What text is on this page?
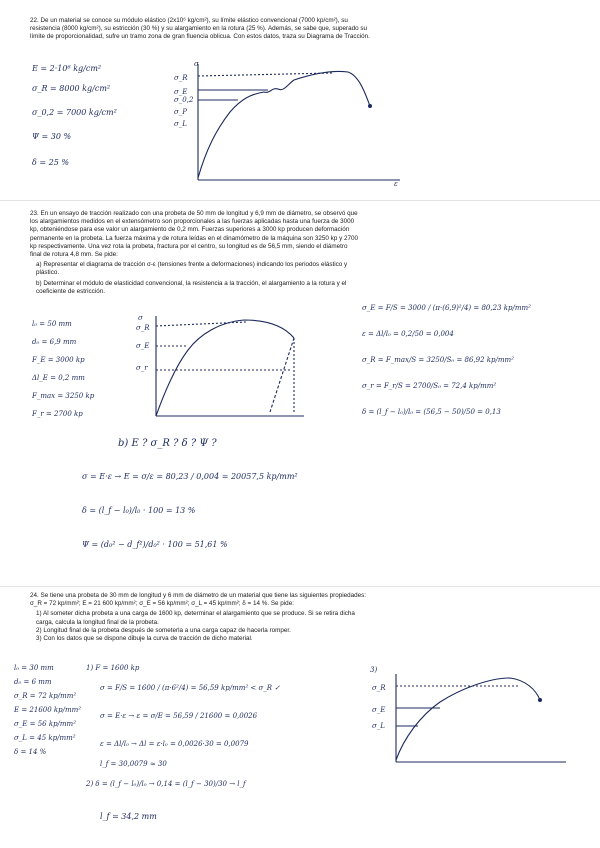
22. De un material se conoce su módulo elástico (2x10⁶ kg/cm²), su límite elástico convencional (7000 kp/cm²), su resistencia (8000 kg/cm²), su estricción (30 %) y su alargamiento en la rotura (25 %). Además, se sabe que, superado su límite de proporcionalidad, sufre un tramo zona de gran fluencia oblicua. Con estos datos, traza su Diagrama de Tracción.

E = 2·10⁶ kg/cm²
σ_R = 8000 kg/cm²
σ_0,2 = 7000 kg/cm²
Ψ = 30 %
δ = 25 %
σ
ε
σ_R
σ_E
σ_0,2
σ_P
σ_L

23. En un ensayo de tracción realizado con una probeta de 50 mm de longitud y 6,9 mm de diámetro, se observó que los alargamientos medidos en el extensómetro son proporcionales a las fuerzas aplicadas hasta una fuerza de 3000 kp, obteniéndose para ese valor un alargamiento de 0,2 mm. Fuerzas superiores a 3000 kp producen deformación permanente en la probeta. La fuerza máxima y de rotura leídas en el dinamómetro de la máquina son 3250 kp y 2700 kp respectivamente. Una vez rota la probeta, fractura por el centro, su longitud es de 56,5 mm, siendo el diámetro final de rotura 4,8 mm. Se pide:

a) Representar el diagrama de tracción σ-ε (tensiones frente a deformaciones) indicando los periodos elástico y plástico.

b) Determinar el módulo de elasticidad convencional, la resistencia a la tracción, el alargamiento a la rotura y el coeficiente de estricción.

l₀ = 50 mm
d₀ = 6,9 mm
F_E = 3000 kp
Δl_E = 0,2 mm
F_max = 3250 kp
F_r = 2700 kp
σ
σ_R
σ_E
σ_r
σ_E = F/S = 3000 / (π·(6,9)²/4) = 80,23 kp/mm²
ε = Δl/l₀ = 0,2/50 = 0,004
σ_R = F_max/S = 3250/S₀ = 86,92 kp/mm²
σ_r = F_r/S = 2700/S₀ = 72,4 kp/mm²
δ = (l_f − l₀)/l₀ = (56,5 − 50)/50 = 0,13
b) E ? σ_R ? δ ? Ψ ?
σ = E·ε → E = σ/ε = 80,23 / 0,004 = 20057,5 kp/mm²
δ = (l_f − l₀)/l₀ · 100 = 13 %
Ψ = (d₀² − d_f²)/d₀² · 100 = 51,61 %

24. Se tiene una probeta de 30 mm de longitud y 6 mm de diámetro de un material que tiene las siguientes propiedades: σ_R = 72 kp/mm²; E = 21 600 kp/mm²; σ_E = 56 kp/mm²; σ_L = 45 kp/mm²; δ = 14 %. Se pide:

1) Al someter dicha probeta a una carga de 1600 kp, determinar el alargamiento que se produce. Si se retira dicha carga, calcula la longitud final de la probeta.

2) Longitud final de la probeta después de someterla a una carga capaz de hacerla romper.

3) Con los datos que se dispone dibuje la curva de tracción de dicho material.

l₀ = 30 mm
d₀ = 6 mm
σ_R = 72 kp/mm²
E = 21600 kp/mm²
σ_E = 56 kp/mm²
σ_L = 45 kp/mm²
δ = 14 %
1) F = 1600 kp
σ = F/S = 1600 / (π·6²/4) = 56,59 kp/mm² < σ_R ✓
σ = E·ε → ε = σ/E = 56,59 / 21600 = 0,0026
ε = Δl/l₀ → Δl = ε·l₀ = 0,0026·30 = 0,0079
l_f = 30,0079 ≈ 30
2) δ = (l_f − l₀)/l₀ → 0,14 = (l_f − 30)/30 → l_f
l_f = 34,2 mm
3)
σ_R
σ_E
σ_L
